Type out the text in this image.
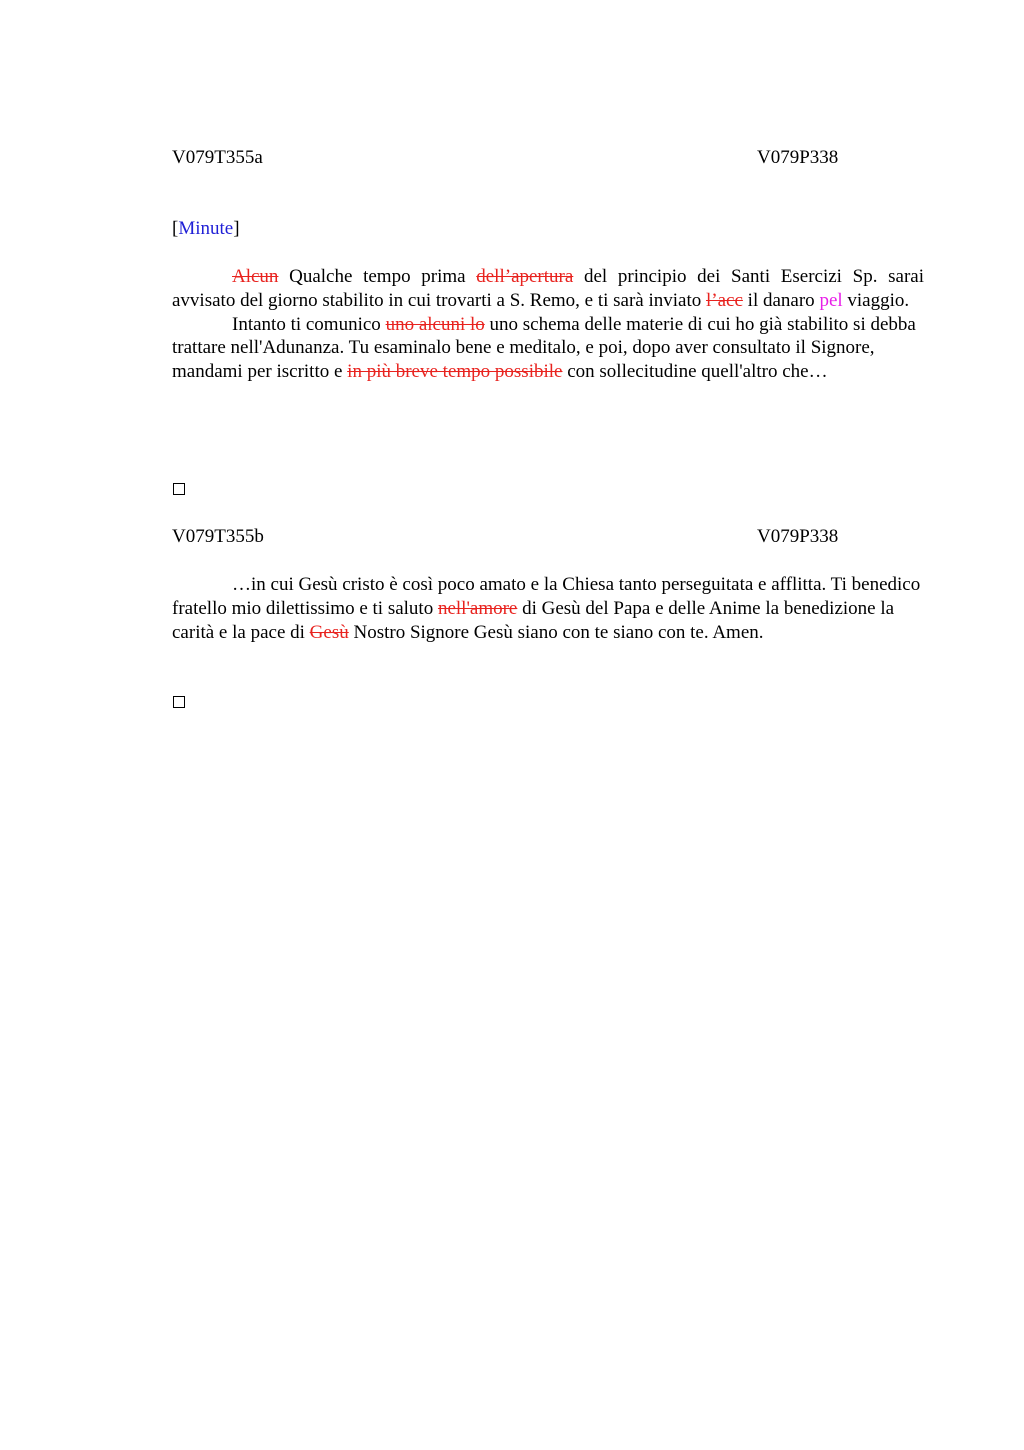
V079T355a	V079P338
[Minute]

Alcun Qualche tempo prima dell’apertura del principio dei Santi Esercizi Sp. sarai avvisato del giorno stabilito in cui trovarti a S. Remo, e ti sarà inviato l’acc il danaro pel viaggio.

Intanto ti comunico uno alcuni lo uno schema delle materie di cui ho già stabilito si debba trattare nell'Adunanza. Tu esaminalo bene e meditalo, e poi, dopo aver consultato il Signore, mandami per iscritto e in più breve tempo possibile con sollecitudine quell'altro che…

V079T355b	V079P338

…in cui Gesù cristo è così poco amato e la Chiesa tanto perseguitata e afflitta. Ti benedico fratello mio dilettissimo e ti saluto nell'amore di Gesù del Papa e delle Anime la benedizione la carità e la pace di Gesù Nostro Signore Gesù siano con te siano con te. Amen.
